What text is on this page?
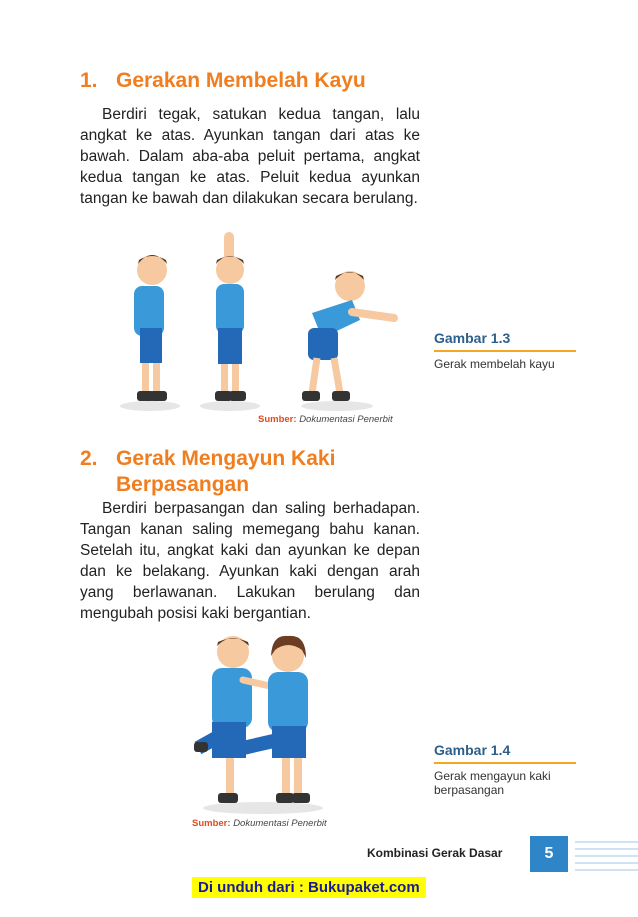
1. Gerakan Membelah Kayu

Berdiri tegak, satukan kedua tangan, lalu angkat ke atas. Ayunkan tangan dari atas ke bawah. Dalam aba-aba peluit pertama, angkat kedua tangan ke atas. Peluit kedua ayunkan tangan ke bawah dan dilakukan secara berulang.

Gambar 1.3
Gerak membelah kayu
Sumber: Dokumentasi Penerbit
2. Gerak Mengayun Kaki Berpasangan

Berdiri berpasangan dan saling berhadapan. Tangan kanan saling memegang bahu kanan. Setelah itu, angkat kaki dan ayunkan ke depan dan ke belakang. Ayunkan kaki dengan arah yang berlawanan. Lakukan berulang dan mengubah posisi kaki bergantian.

Gambar 1.4
Gerak mengayun kaki berpasangan
Sumber: Dokumentasi Penerbit
Kombinasi Gerak Dasar	5
Di unduh dari : Bukupaket.com
